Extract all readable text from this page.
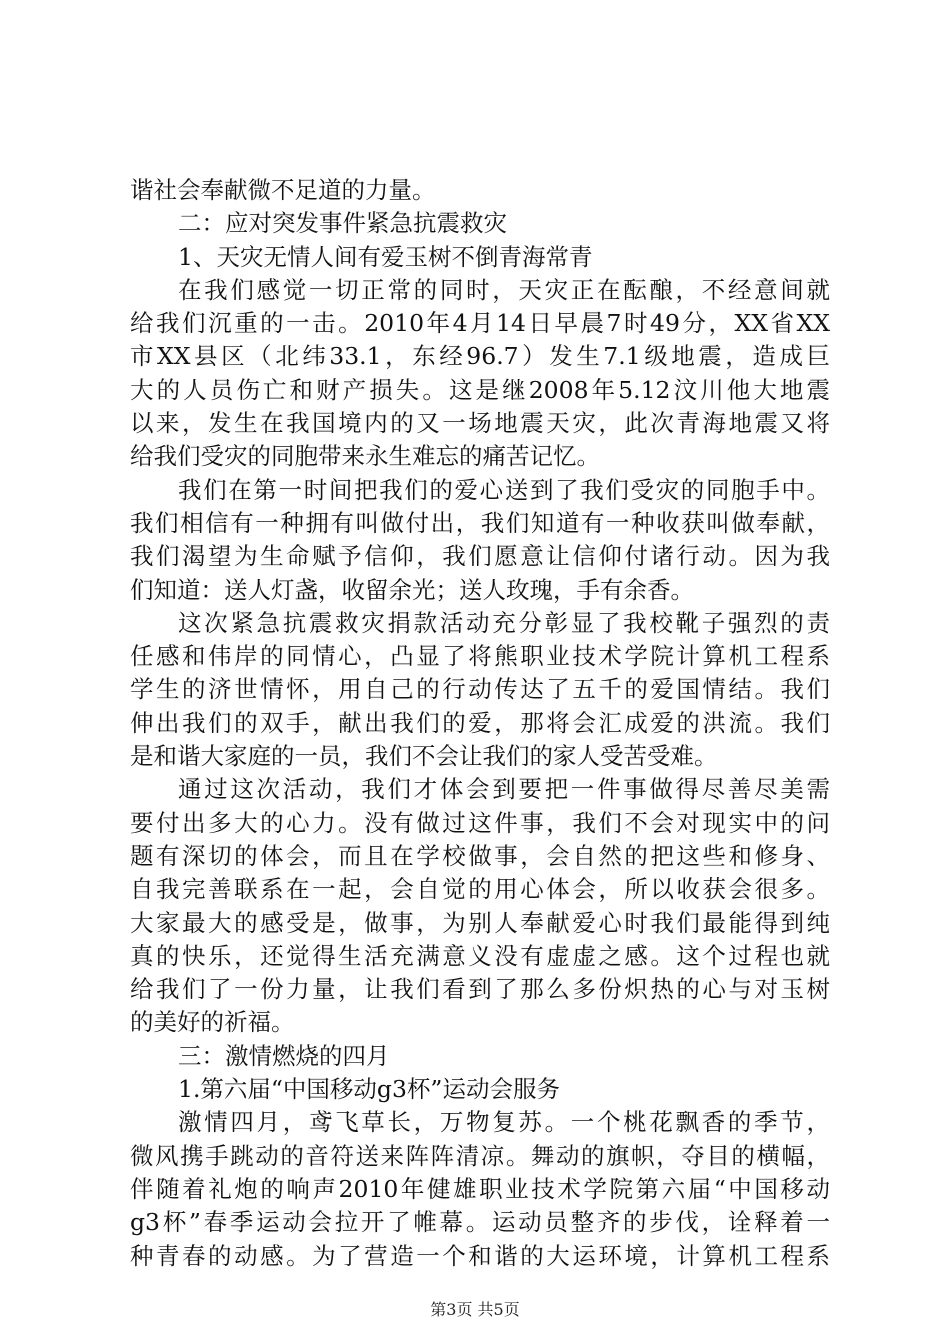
谐社会奉献微不足道的力量。
二：应对突发事件紧急抗震救灾
1、天灾无情人间有爱玉树不倒青海常青
在我们感觉一切正常的同时，天灾正在酝酿，不经意间就
给我们沉重的一击。2010年4月14日早晨7时49分，XX省XX
市XX县区（北纬33.1，东经96.7）发生7.1级地震，造成巨
大的人员伤亡和财产损失。这是继2008年5.12汶川他大地震
以来，发生在我国境内的又一场地震天灾，此次青海地震又将
给我们受灾的同胞带来永生难忘的痛苦记忆。
我们在第一时间把我们的爱心送到了我们受灾的同胞手中。
我们相信有一种拥有叫做付出，我们知道有一种收获叫做奉献，
我们渴望为生命赋予信仰，我们愿意让信仰付诸行动。因为我
们知道：送人灯盏，收留余光；送人玫瑰，手有余香。
这次紧急抗震救灾捐款活动充分彰显了我校靴子强烈的责
任感和伟岸的同情心，凸显了将熊职业技术学院计算机工程系
学生的济世情怀，用自己的行动传达了五千的爱国情结。我们
伸出我们的双手，献出我们的爱，那将会汇成爱的洪流。我们
是和谐大家庭的一员，我们不会让我们的家人受苦受难。
通过这次活动，我们才体会到要把一件事做得尽善尽美需
要付出多大的心力。没有做过这件事，我们不会对现实中的问
题有深切的体会，而且在学校做事，会自然的把这些和修身、
自我完善联系在一起，会自觉的用心体会，所以收获会很多。
大家最大的感受是，做事，为别人奉献爱心时我们最能得到纯
真的快乐，还觉得生活充满意义没有虚虚之感。这个过程也就
给我们了一份力量，让我们看到了那么多份炽热的心与对玉树
的美好的祈福。
三：激情燃烧的四月
1.第六届“中国移动g3杯”运动会服务
激情四月，鸢飞草长，万物复苏。一个桃花飘香的季节，
微风携手跳动的音符送来阵阵清凉。舞动的旗帜，夺目的横幅，
伴随着礼炮的响声2010年健雄职业技术学院第六届“中国移动
g3杯”春季运动会拉开了帷幕。运动员整齐的步伐，诠释着一
种青春的动感。为了营造一个和谐的大运环境，计算机工程系
第3页 共5页
